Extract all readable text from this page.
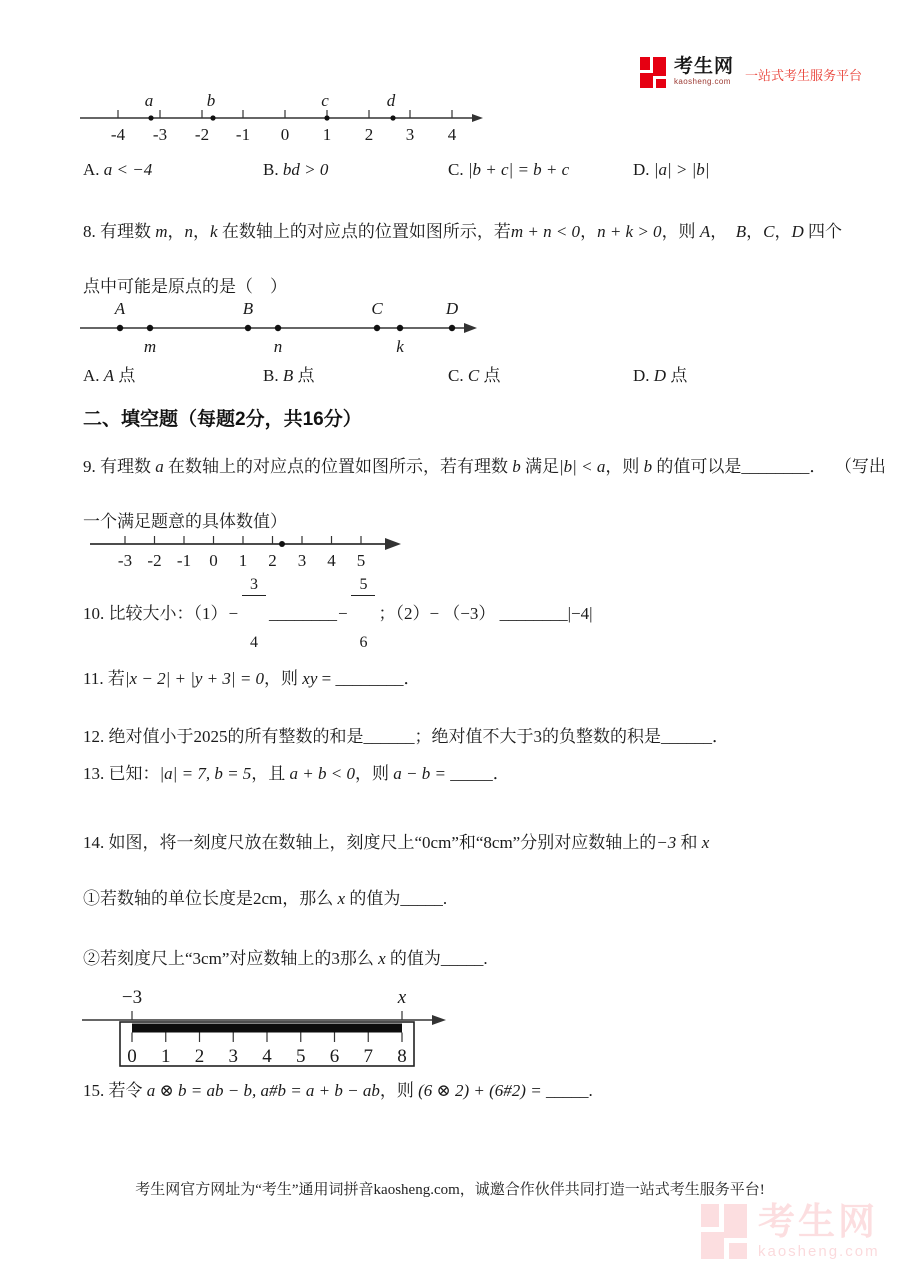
考生网
kaosheng.com 一站式考生服务平台
-4 -3 -2 -1 0 1 2 3 4
a	b	c	d
A. a < −4	B. bd > 0	C. |b + c| = b + c	D. |a| > |b|
8. 有理数 m，n，k 在数轴上的对应点的位置如图所示，若m + n < 0，n + k > 0，则 A，  B，C，D 四个
点中可能是原点的是（　）
A	B	C	D
m	n	k
A. A 点	B. B 点	C. C 点	D. D 点
二、填空题（每题2分，共16分）
9. 有理数 a 在数轴上的对应点的位置如图所示，若有理数 b 满足|b| < a，则 b 的值可以是________．  （写出
一个满足题意的具体数值）
-3 -2 -1 0 1 2 3 4 5
10. 比较大小：（1） −

$\frac{3}{4}$

________ −

$\frac{5}{6}$

；（2）− （−3） ________ |−4|
11. 若|x − 2| + |y + 3| = 0，则 xy = ________．
12. 绝对值小于2025的所有整数的和是______；绝对值不大于3的负整数的积是______．
13. 已知：|a| = 7, b = 5，且 a + b < 0，则 a − b = _____．
14. 如图，将一刻度尺放在数轴上，刻度尺上“0cm”和“8cm”分别对应数轴上的−3 和 x
①若数轴的单位长度是2cm，那么 x 的值为_____.
②若刻度尺上“3cm”对应数轴上的3那么 x 的值为_____.
−3	x
0 1 2 3 4 5 6 7 8
15. 若令 a ⊗ b = ab − b, a#b = a + b − ab，则 (6 ⊗ 2) + (6#2) = _____.
考生网官方网址为“考生”通用词拼音kaosheng.com，诚邀合作伙伴共同打造一站式考生服务平台!
考生网
kaosheng.com
